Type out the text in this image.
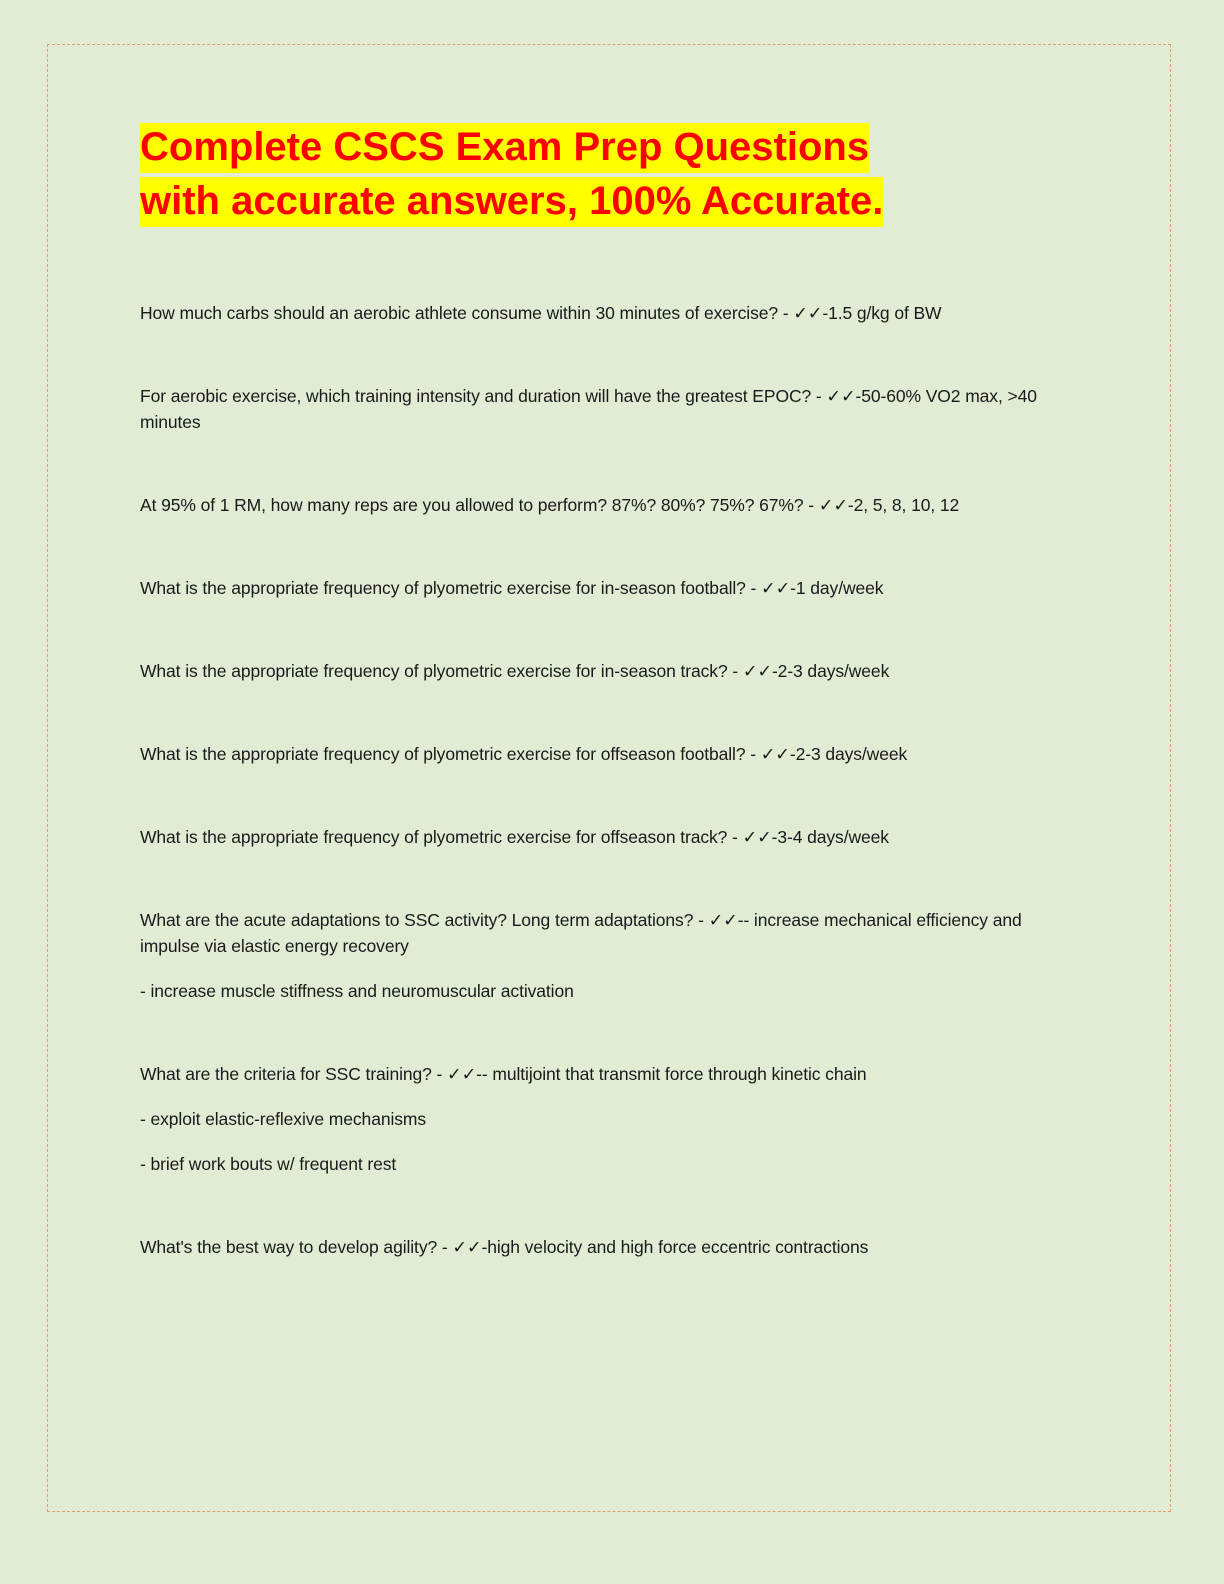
Complete CSCS Exam Prep Questions
with accurate answers, 100% Accurate.
How much carbs should an aerobic athlete consume within 30 minutes of exercise? - ✓✓-1.5 g/kg of BW
For aerobic exercise, which training intensity and duration will have the greatest EPOC? - ✓✓-50-60% VO2 max, >40 minutes
At 95% of 1 RM, how many reps are you allowed to perform? 87%? 80%? 75%? 67%? - ✓✓-2, 5, 8, 10, 12
What is the appropriate frequency of plyometric exercise for in-season football? - ✓✓-1 day/week
What is the appropriate frequency of plyometric exercise for in-season track? - ✓✓-2-3 days/week
What is the appropriate frequency of plyometric exercise for offseason football? - ✓✓-2-3 days/week
What is the appropriate frequency of plyometric exercise for offseason track? - ✓✓-3-4 days/week
What are the acute adaptations to SSC activity? Long term adaptations? - ✓✓-- increase mechanical efficiency and impulse via elastic energy recovery
- increase muscle stiffness and neuromuscular activation
What are the criteria for SSC training? - ✓✓-- multijoint that transmit force through kinetic chain
- exploit elastic-reflexive mechanisms
- brief work bouts w/ frequent rest
What's the best way to develop agility? - ✓✓-high velocity and high force eccentric contractions
